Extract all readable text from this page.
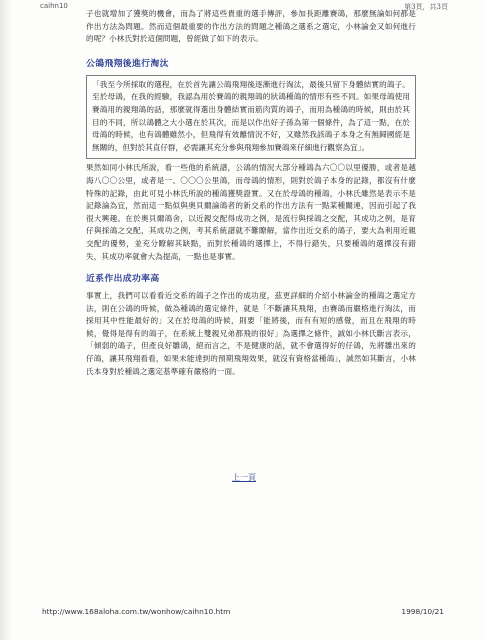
caihn10	第3頁，共3頁

子也就增加了獲獎的機會，而為了將這些貴重的選手傳評，參加長距離賽鴿，那麼無論如何都是作出方法為問題。然而這個最重要的作出方法的問題之種鴿之選系之選定，小林論金又如何進行的呢？小林氏對於這個問題，曾經做了如下的表示。

公鴿飛翔後進行淘汰
「我至今所採取的選程，在於首先讓公鴿飛翔後逐漸進行淘汰，最後只留下身體結實的鴿子。至於母鴿，在我的經驗，我認為用於賽鴿的親翔鴿的狀鴿種鴿的情形有些不同。如果母鴿使用賽鴿用的親翔鴿的話，那麼就得選出身體結實而筋肉質的鴿子，而用為種鴿的時候，則由於其目的不同，所以鴿體之大小選在於其次，而是以作出好子孫為第一個條件，為了這一點，在於母鴿的時候，也有鴿體雖然小，但飛得有效離情況不好，又雖然我該鴿子本身之有無歸國經是無關的，但對於其直仔群，必需讓其充分參與飛翔參加賽鴿來仔細進行觀察為宜」。

果然如同小林氏所說，看一些他的系統譜，公鴿的情況大部分種鴿為六〇〇以里優勝，或者是越海八〇〇公里，或者是一、〇〇〇公里鴿，而母鴿的情形，則對於鴿子本身的記錄，都沒有什麼特殊的記錄，由此可見小林氏所說的種鴿獲獎證實。又在於母鴿的種鴿，小林氏雖然是表示不是記錄論為宜，然而這一點似與奧貝爾論鴿者的新交系的作出方法有一點某種關連，因而引起了我很大興趣。在於奧貝爾鴿舍，以近親交配得成功之例，是流行與採鴿之交配，其成功之例，是育仔與採鴿之交配，其成功之例，考其系統譜就不難瞭解，當作出近交系的鴿子，要大為利用近親交配的優勢，並充分瞭解其缺點，而對於種鴿的選擇上，不得行錯失，只要種鴿的選擇沒有錯失，其成功率就會大為提高，一點也是事實。

近系作出成功率高

事實上，我們可以看看近交系的鴿子之作出的成功度，茲更詳細的介紹小林論金的種鴿之選定方法，則在公鴿的時候，做為種鴿的選定條件，就是「不斷讓其飛翔，由賽鴿而嚴格進行淘汰，而採用其中性能最好的」又在於母鴿的時候，則要「能將後，而有有短的感覺，而且在飛翔的時候，覺得是得有的鴿子，在系統上雙親兄弟都飛的很好」為選擇之條件，誠如小林氏斷言表示，「傾弱的鴿子，但產良好雛鴿，絕而言之，不是健康的話，就不會選得好的仔鴿，先將雛出來的仔鴿，讓其飛翔看看，如果未能達到的預期飛翔效果，就沒有資格當種鴿」，誠然如其斷言，小林氏本身對於種鴿之選定基準確有嚴格的一面。

上一頁
http://www.168aloha.com.tw/wonhow/caihn10.htm	1998/10/21
